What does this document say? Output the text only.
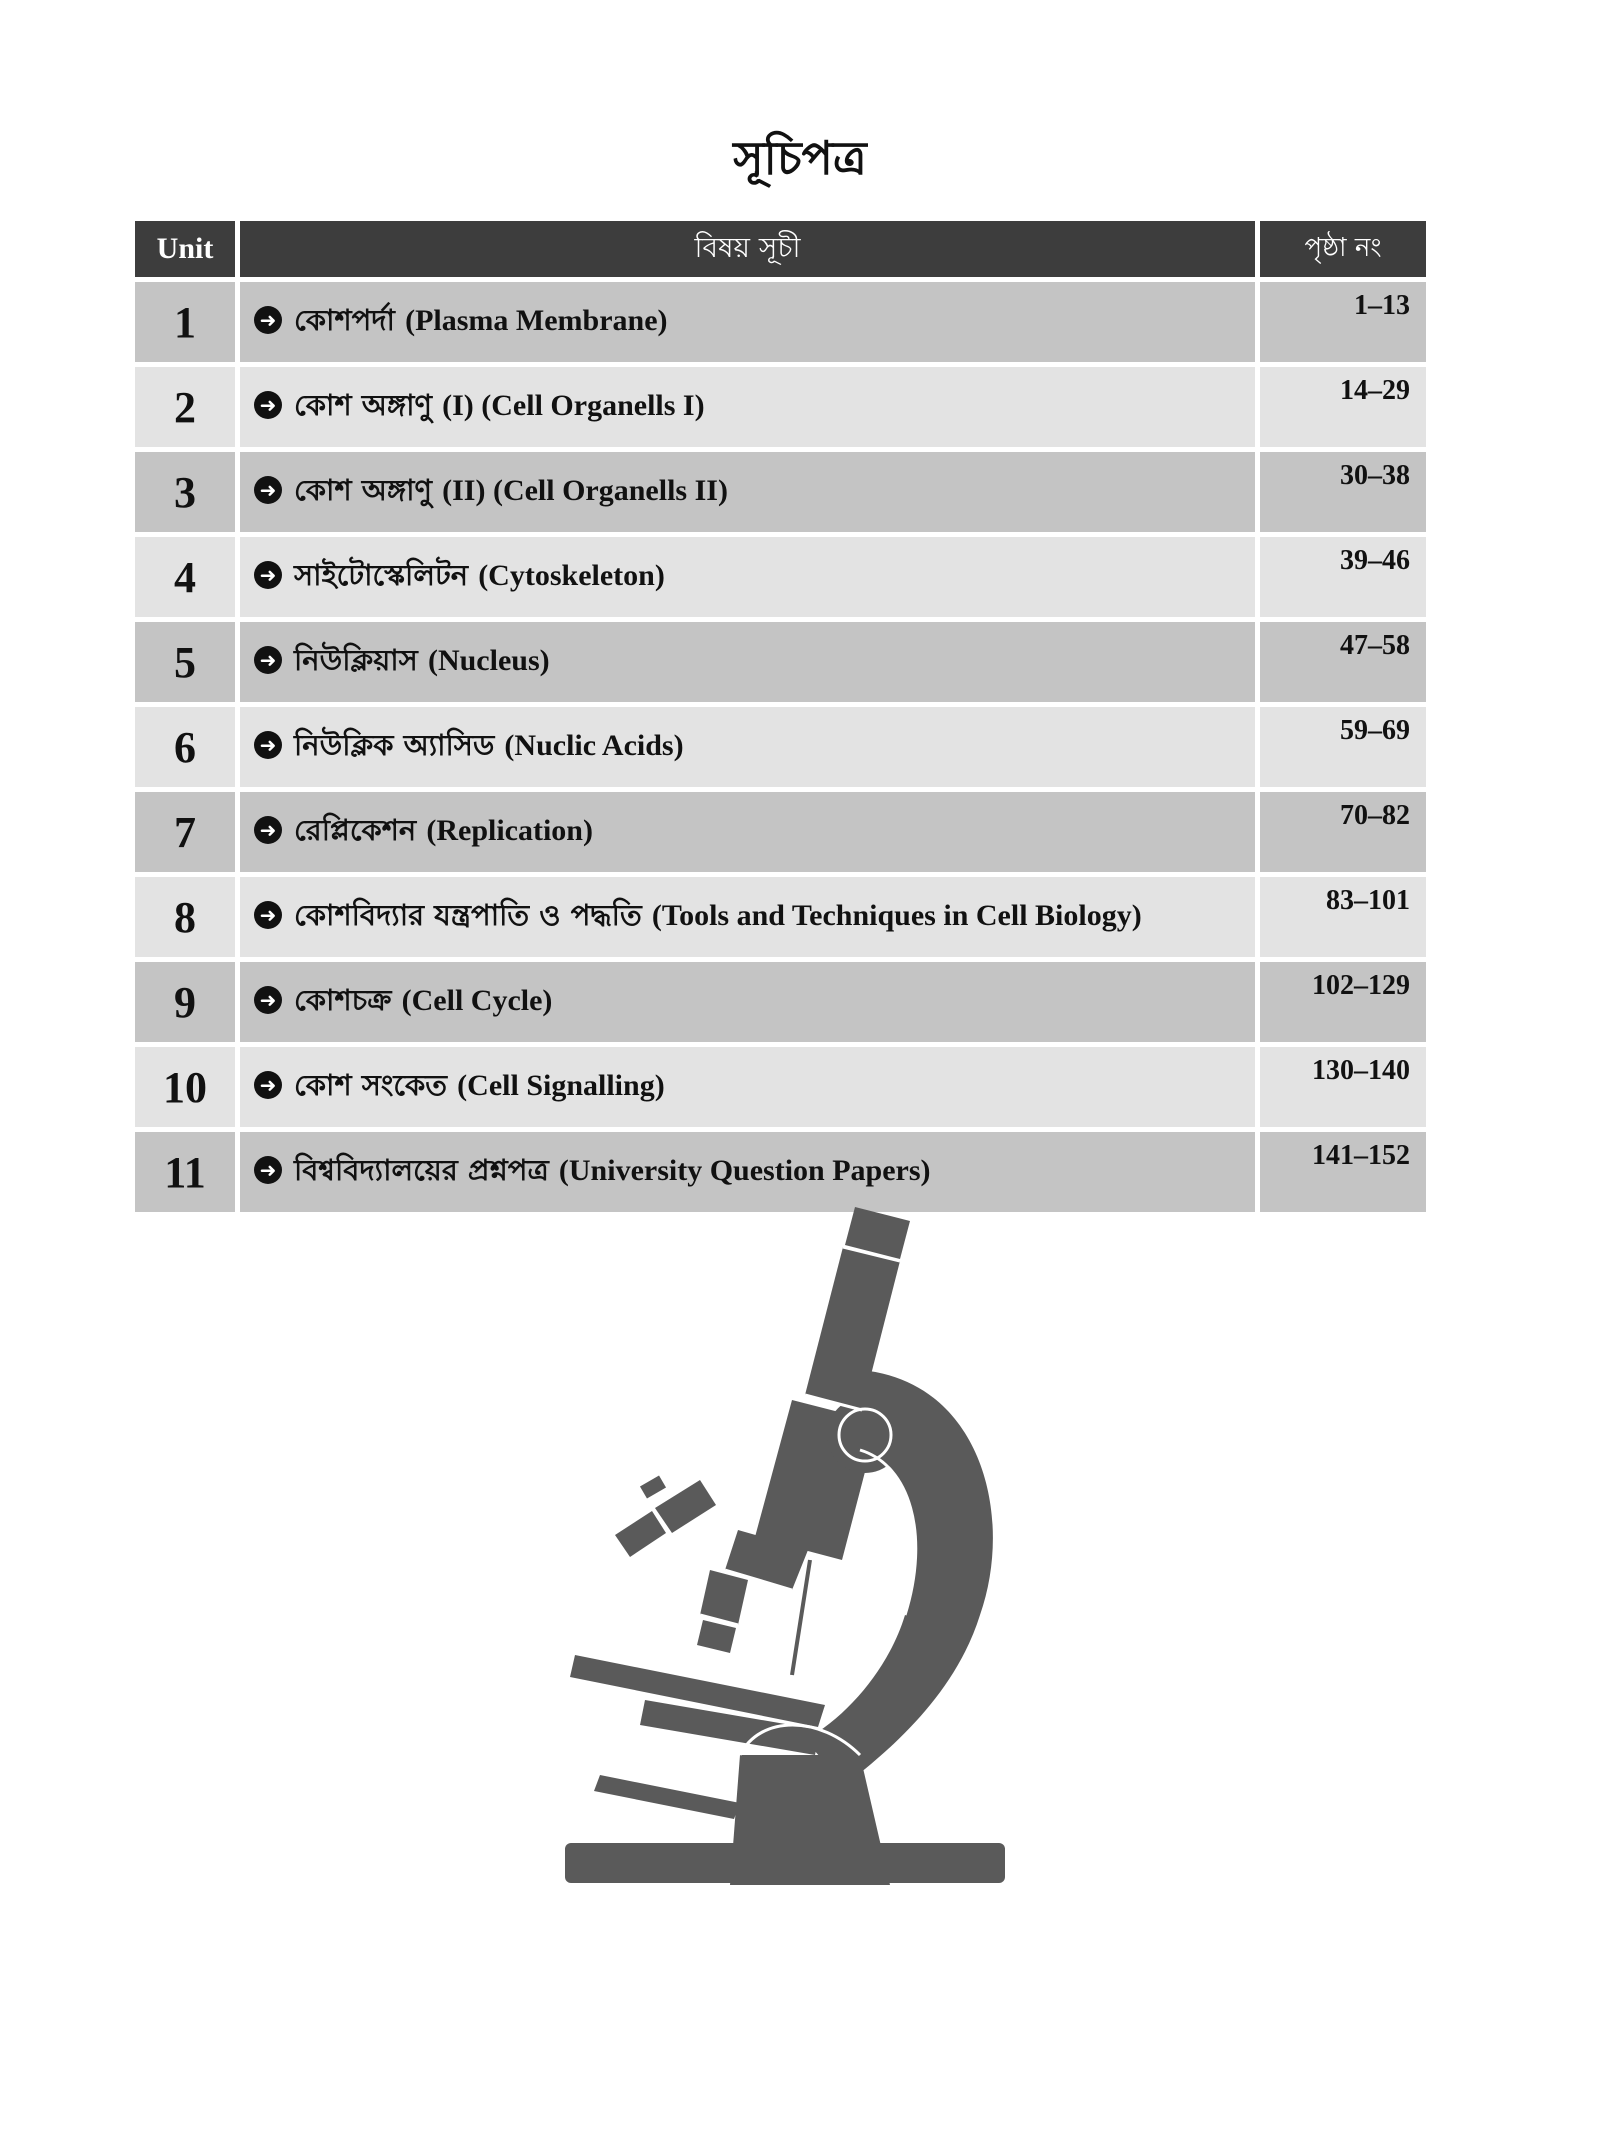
সূচিপত্র
Unit	বিষয় সূচী	পৃষ্ঠা নং
1	➜ কোশপর্দা (Plasma Membrane)	1–13
2	➜ কোশ অঙ্গাণু (I) (Cell Organells I)	14–29
3	➜ কোশ অঙ্গাণু (II) (Cell Organells II)	30–38
4	➜ সাইটোস্কেলিটন (Cytoskeleton)	39–46
5	➜ নিউক্লিয়াস (Nucleus)	47–58
6	➜ নিউক্লিক অ্যাসিড (Nuclic Acids)	59–69
7	➜ রেপ্লিকেশন (Replication)	70–82
8	➜ কোশবিদ্যার যন্ত্রপাতি ও পদ্ধতি (Tools and Techniques in Cell Biology)	83–101
9	➜ কোশচক্র (Cell Cycle)	102–129
10	➜ কোশ সংকেত (Cell Signalling)	130–140
11	➜ বিশ্ববিদ্যালয়ের প্রশ্নপত্র (University Question Papers)	141–152
